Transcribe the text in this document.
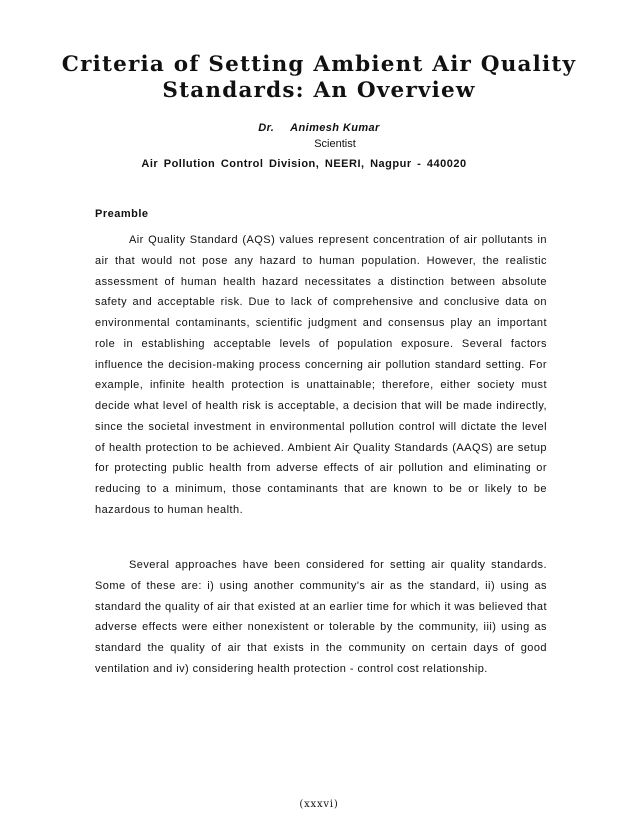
Criteria of Setting Ambient Air Quality Standards: An Overview
Dr. Animesh Kumar
Scientist
Air Pollution Control Division, NEERI, Nagpur - 440020
Preamble

Air Quality Standard (AQS) values represent concentration of air pollutants in air that would not pose any hazard to human population. However, the realistic assessment of human health hazard necessitates a distinction between absolute safety and acceptable risk. Due to lack of comprehensive and conclusive data on environmental contaminants, scientific judgment and consensus play an important role in establishing acceptable levels of population exposure. Several factors influence the decision-making process concerning air pollution standard setting. For example, infinite health protection is unattainable; therefore, either society must decide what level of health risk is acceptable, a decision that will be made indirectly, since the societal investment in environmental pollution control will dictate the level of health protection to be achieved. Ambient Air Quality Standards (AAQS) are setup for protecting public health from adverse effects of air pollution and eliminating or reducing to a minimum, those contaminants that are known to be or likely to be hazardous to human health.

Several approaches have been considered for setting air quality standards. Some of these are: i) using another community's air as the standard, ii) using as standard the quality of air that existed at an earlier time for which it was believed that adverse effects were either nonexistent or tolerable by the community, iii) using as standard the quality of air that exists in the community on certain days of good ventilation and iv) considering health protection - control cost relationship.

(xxxvi)
